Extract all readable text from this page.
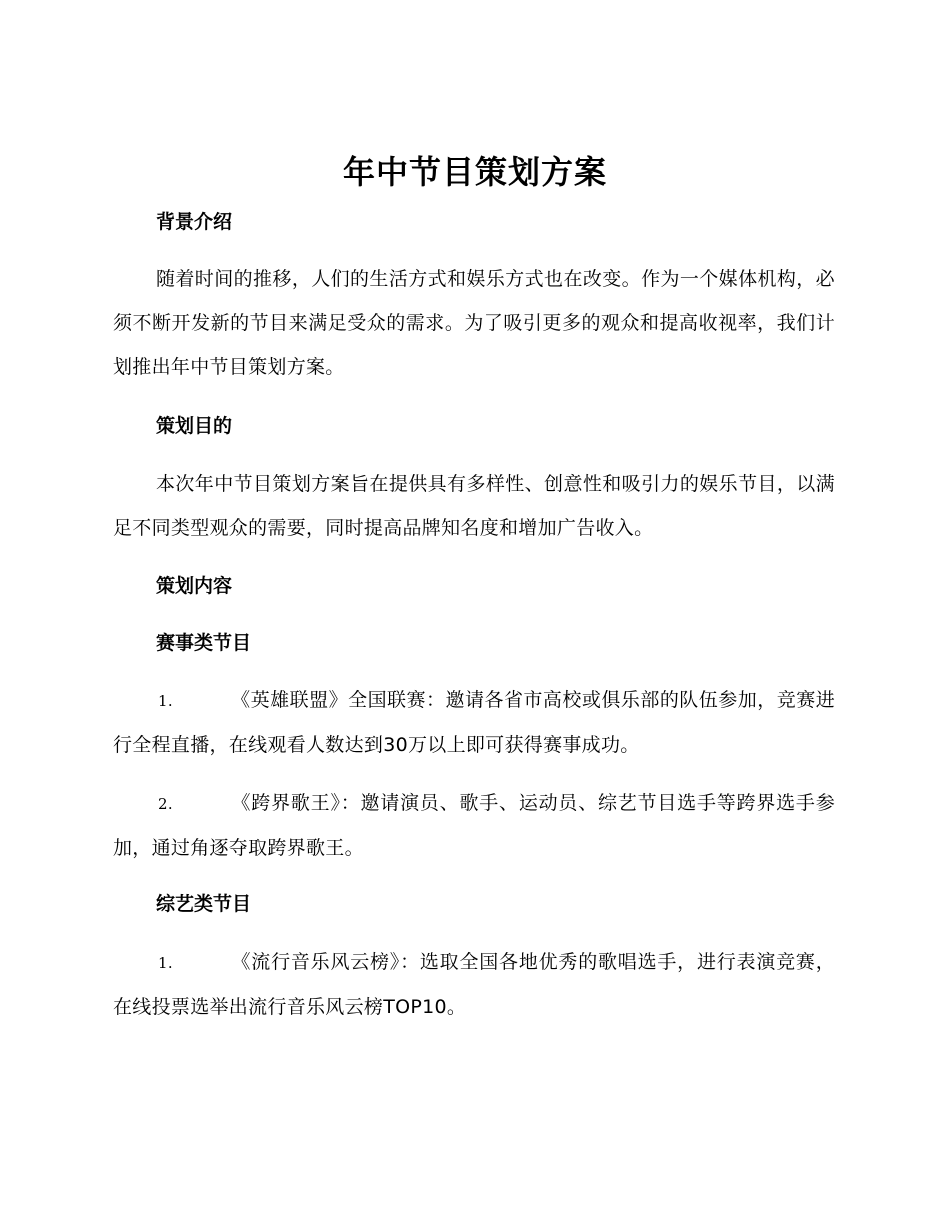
年中节目策划方案
背景介绍
随着时间的推移，人们的生活方式和娱乐方式也在改变。作为一个媒体机构，必须不断开发新的节目来满足受众的需求。为了吸引更多的观众和提高收视率，我们计划推出年中节目策划方案。
策划目的
本次年中节目策划方案旨在提供具有多样性、创意性和吸引力的娱乐节目，以满足不同类型观众的需要，同时提高品牌知名度和增加广告收入。
策划内容
赛事类节目
1.	《英雄联盟》全国联赛：邀请各省市高校或俱乐部的队伍参加，竞赛进行全程直播，在线观看人数达到30万以上即可获得赛事成功。
2.	《跨界歌王》：邀请演员、歌手、运动员、综艺节目选手等跨界选手参加，通过角逐夺取跨界歌王。
综艺类节目
1.	《流行音乐风云榜》：选取全国各地优秀的歌唱选手，进行表演竞赛，在线投票选举出流行音乐风云榜TOP10。
